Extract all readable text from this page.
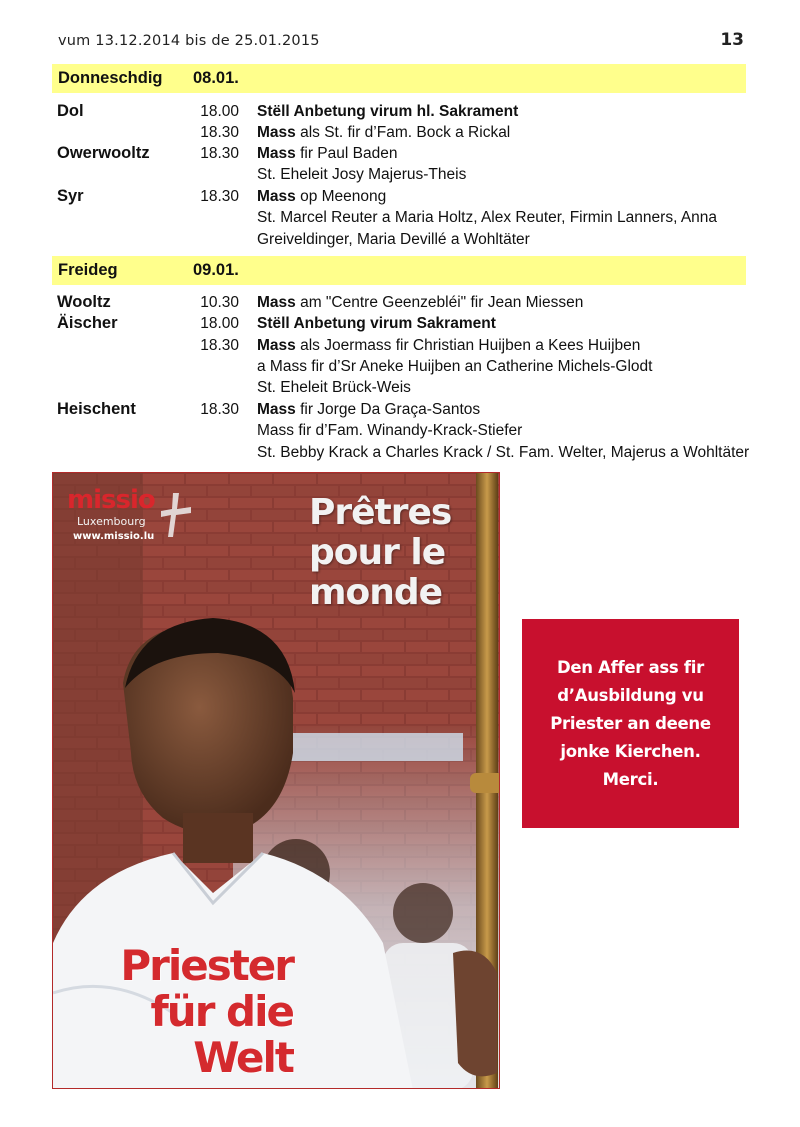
vum 13.12.2014 bis de 25.01.2015	13
Donneschdig 08.01.
Dol	18.00 Stëll Anbetung virum hl. Sakrament
18.30 Mass als St. fir d’Fam. Bock a Rickal
Owerwooltz	18.30 Mass fir Paul Baden
St. Eheleit Josy Majerus-Theis
Syr	18.30 Mass op Meenong
St. Marcel Reuter a Maria Holtz, Alex Reuter, Firmin Lanners, Anna
Greiveldinger, Maria Devillé a Wohltäter
Freideg	09.01.
Wooltz	10.30 Mass am "Centre Geenzebléi" fir Jean Miessen
Äischer	18.00 Stëll Anbetung virum Sakrament
18.30 Mass als Joermass fir Christian Huijben a Kees Huijben
a Mass fir d’Sr Aneke Huijben an Catherine Michels-Glodt
St. Eheleit Brück-Weis
Heischent	18.30 Mass fir Jorge Da Graça-Santos
Mass fir d’Fam. Winandy-Krack-Stiefer
St. Bebby Krack a Charles Krack / St. Fam. Welter, Majerus a Wohltäter
missio
Luxembourg
www.missio.lu
Prêtres
pour le
monde
Priester
für die
Welt

Den Affer ass fir
d’Ausbildung vu
Priester an deene
jonke Kierchen.
Merci.
